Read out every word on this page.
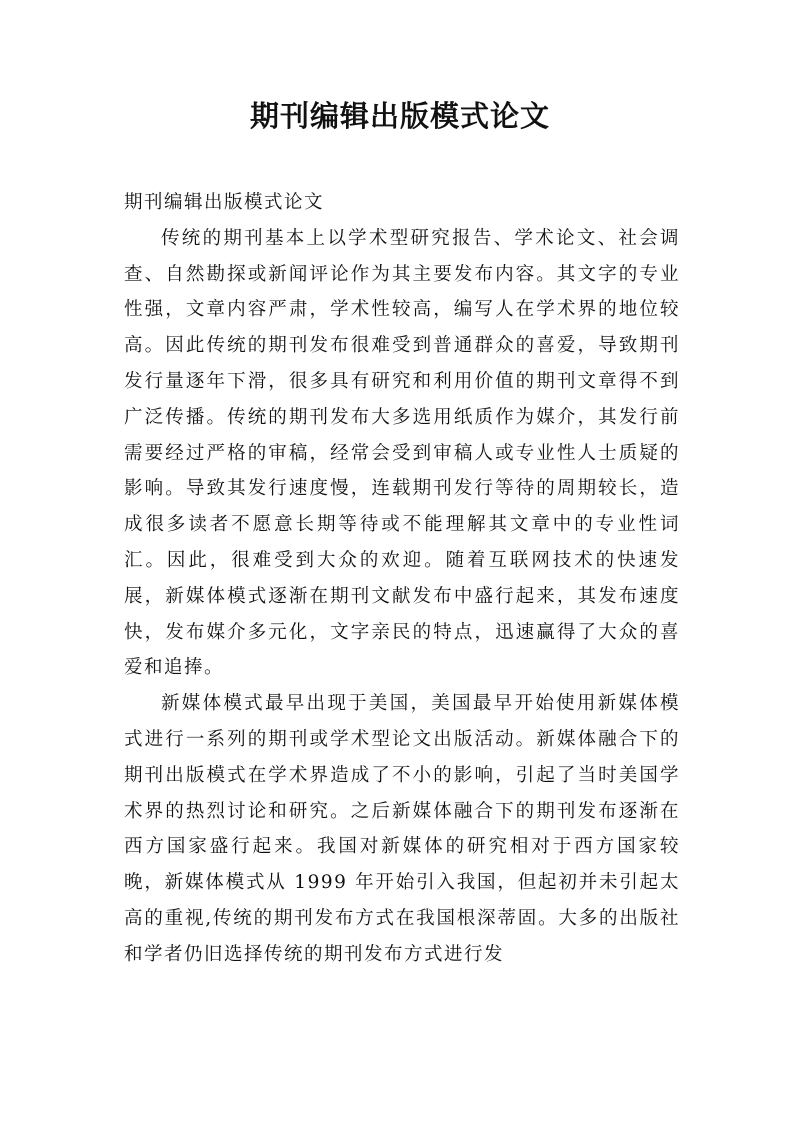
期刊编辑出版模式论文

期刊编辑出版模式论文

传统的期刊基本上以学术型研究报告、学术论文、社会调查、自然勘探或新闻评论作为其主要发布内容。其文字的专业性强，文章内容严肃，学术性较高，编写人在学术界的地位较高。因此传统的期刊发布很难受到普通群众的喜爱，导致期刊发行量逐年下滑，很多具有研究和利用价值的期刊文章得不到广泛传播。传统的期刊发布大多选用纸质作为媒介，其发行前需要经过严格的审稿，经常会受到审稿人或专业性人士质疑的影响。导致其发行速度慢，连载期刊发行等待的周期较长，造成很多读者不愿意长期等待或不能理解其文章中的专业性词汇。因此，很难受到大众的欢迎。随着互联网技术的快速发展，新媒体模式逐渐在期刊文献发布中盛行起来，其发布速度快，发布媒介多元化，文字亲民的特点，迅速赢得了大众的喜爱和追捧。

新媒体模式最早出现于美国，美国最早开始使用新媒体模式进行一系列的期刊或学术型论文出版活动。新媒体融合下的期刊出版模式在学术界造成了不小的影响，引起了当时美国学术界的热烈讨论和研究。之后新媒体融合下的期刊发布逐渐在西方国家盛行起来。我国对新媒体的研究相对于西方国家较晚，新媒体模式从 1999 年开始引入我国，但起初并未引起太高的重视,传统的期刊发布方式在我国根深蒂固。大多的出版社和学者仍旧选择传统的期刊发布方式进行发
